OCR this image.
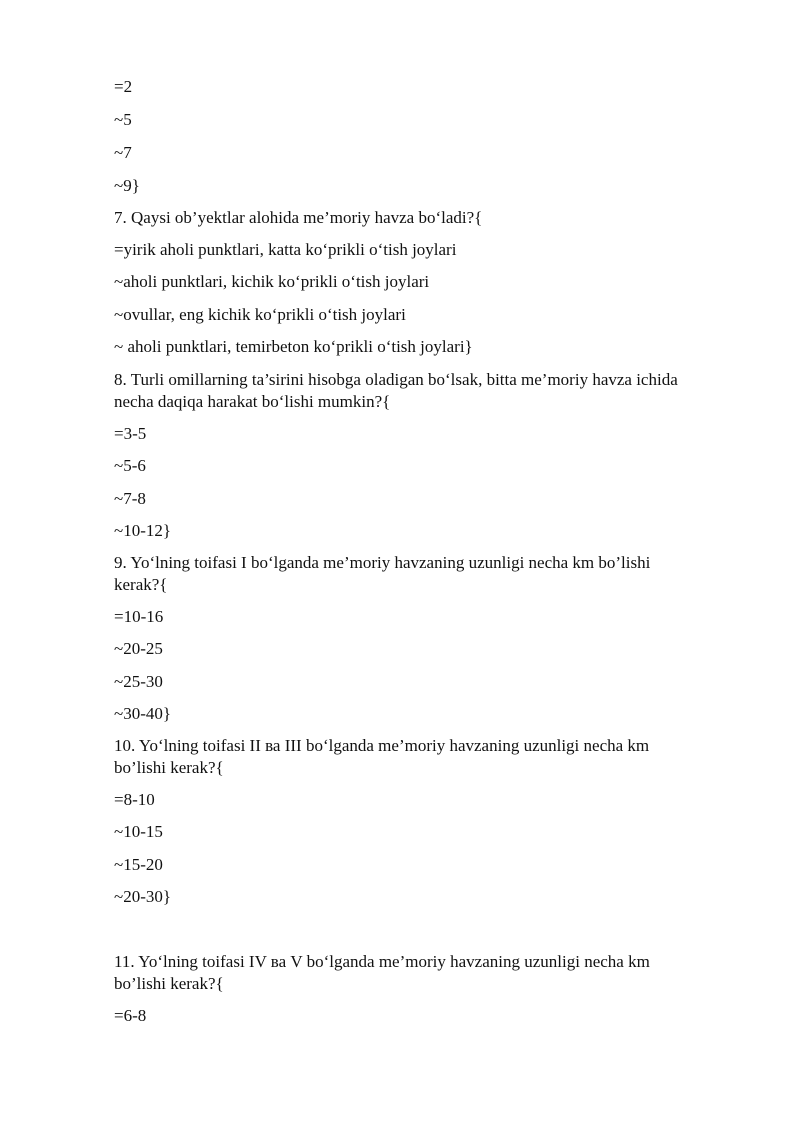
=2
~5
~7
~9}
7. Qaysi ob’yektlar alohida me’moriy havza bo‘ladi?{
=yirik aholi punktlari, katta ko‘prikli o‘tish joylari
~aholi punktlari, kichik ko‘prikli o‘tish joylari
~ovullar, eng kichik ko‘prikli o‘tish joylari
~ aholi punktlari, temirbeton ko‘prikli o‘tish joylari}
8. Turli omillarning ta’sirini hisobga oladigan bo‘lsak, bitta me’moriy havza ichida
necha daqiqa harakat bo‘lishi mumkin?{
=3-5
~5-6
~7-8
~10-12}
9. Yo‘lning toifasi I bo‘lganda me’moriy havzaning uzunligi necha km bo’lishi
kerak?{
=10-16
~20-25
~25-30
~30-40}
10. Yo‘lning toifasi II ва III bo‘lganda me’moriy havzaning uzunligi necha km
bo’lishi kerak?{
=8-10
~10-15
~15-20
~20-30}
11. Yo‘lning toifasi IV ва V bo‘lganda me’moriy havzaning uzunligi necha km
bo’lishi kerak?{
=6-8
